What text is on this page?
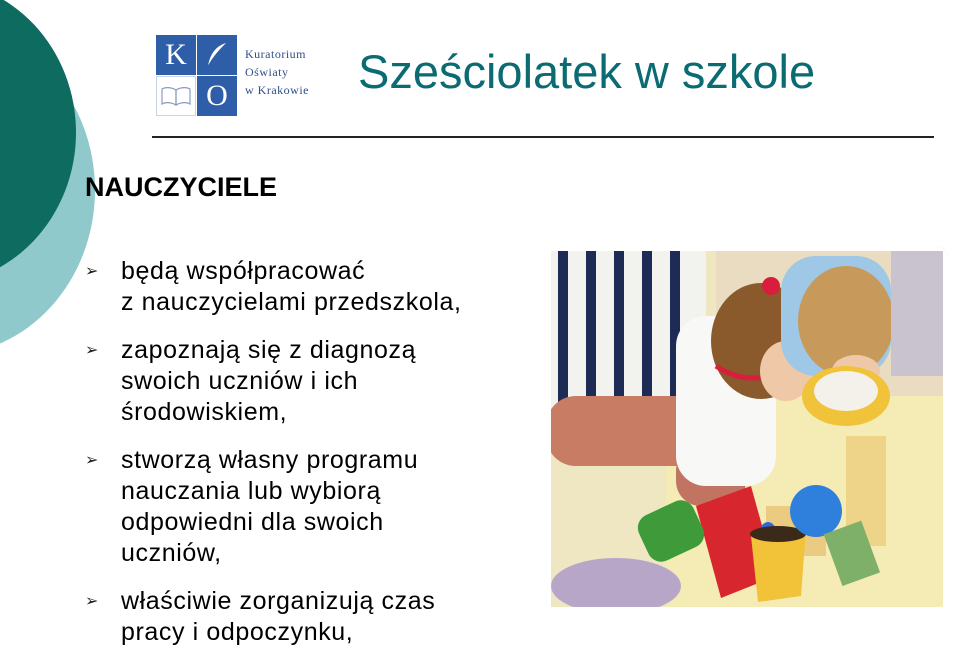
K
O
Kuratorium
Oświaty
w Krakowie Sześciolatek w szkole
NAUCZYCIELE
➢ będą współpracować
z nauczycielami przedszkola,
➢ zapoznają się z diagnozą
swoich uczniów i ich
środowiskiem,
➢ stworzą własny programu
nauczania lub wybiorą
odpowiedni dla swoich
uczniów,
➢ właściwie zorganizują czas
pracy i odpoczynku,
